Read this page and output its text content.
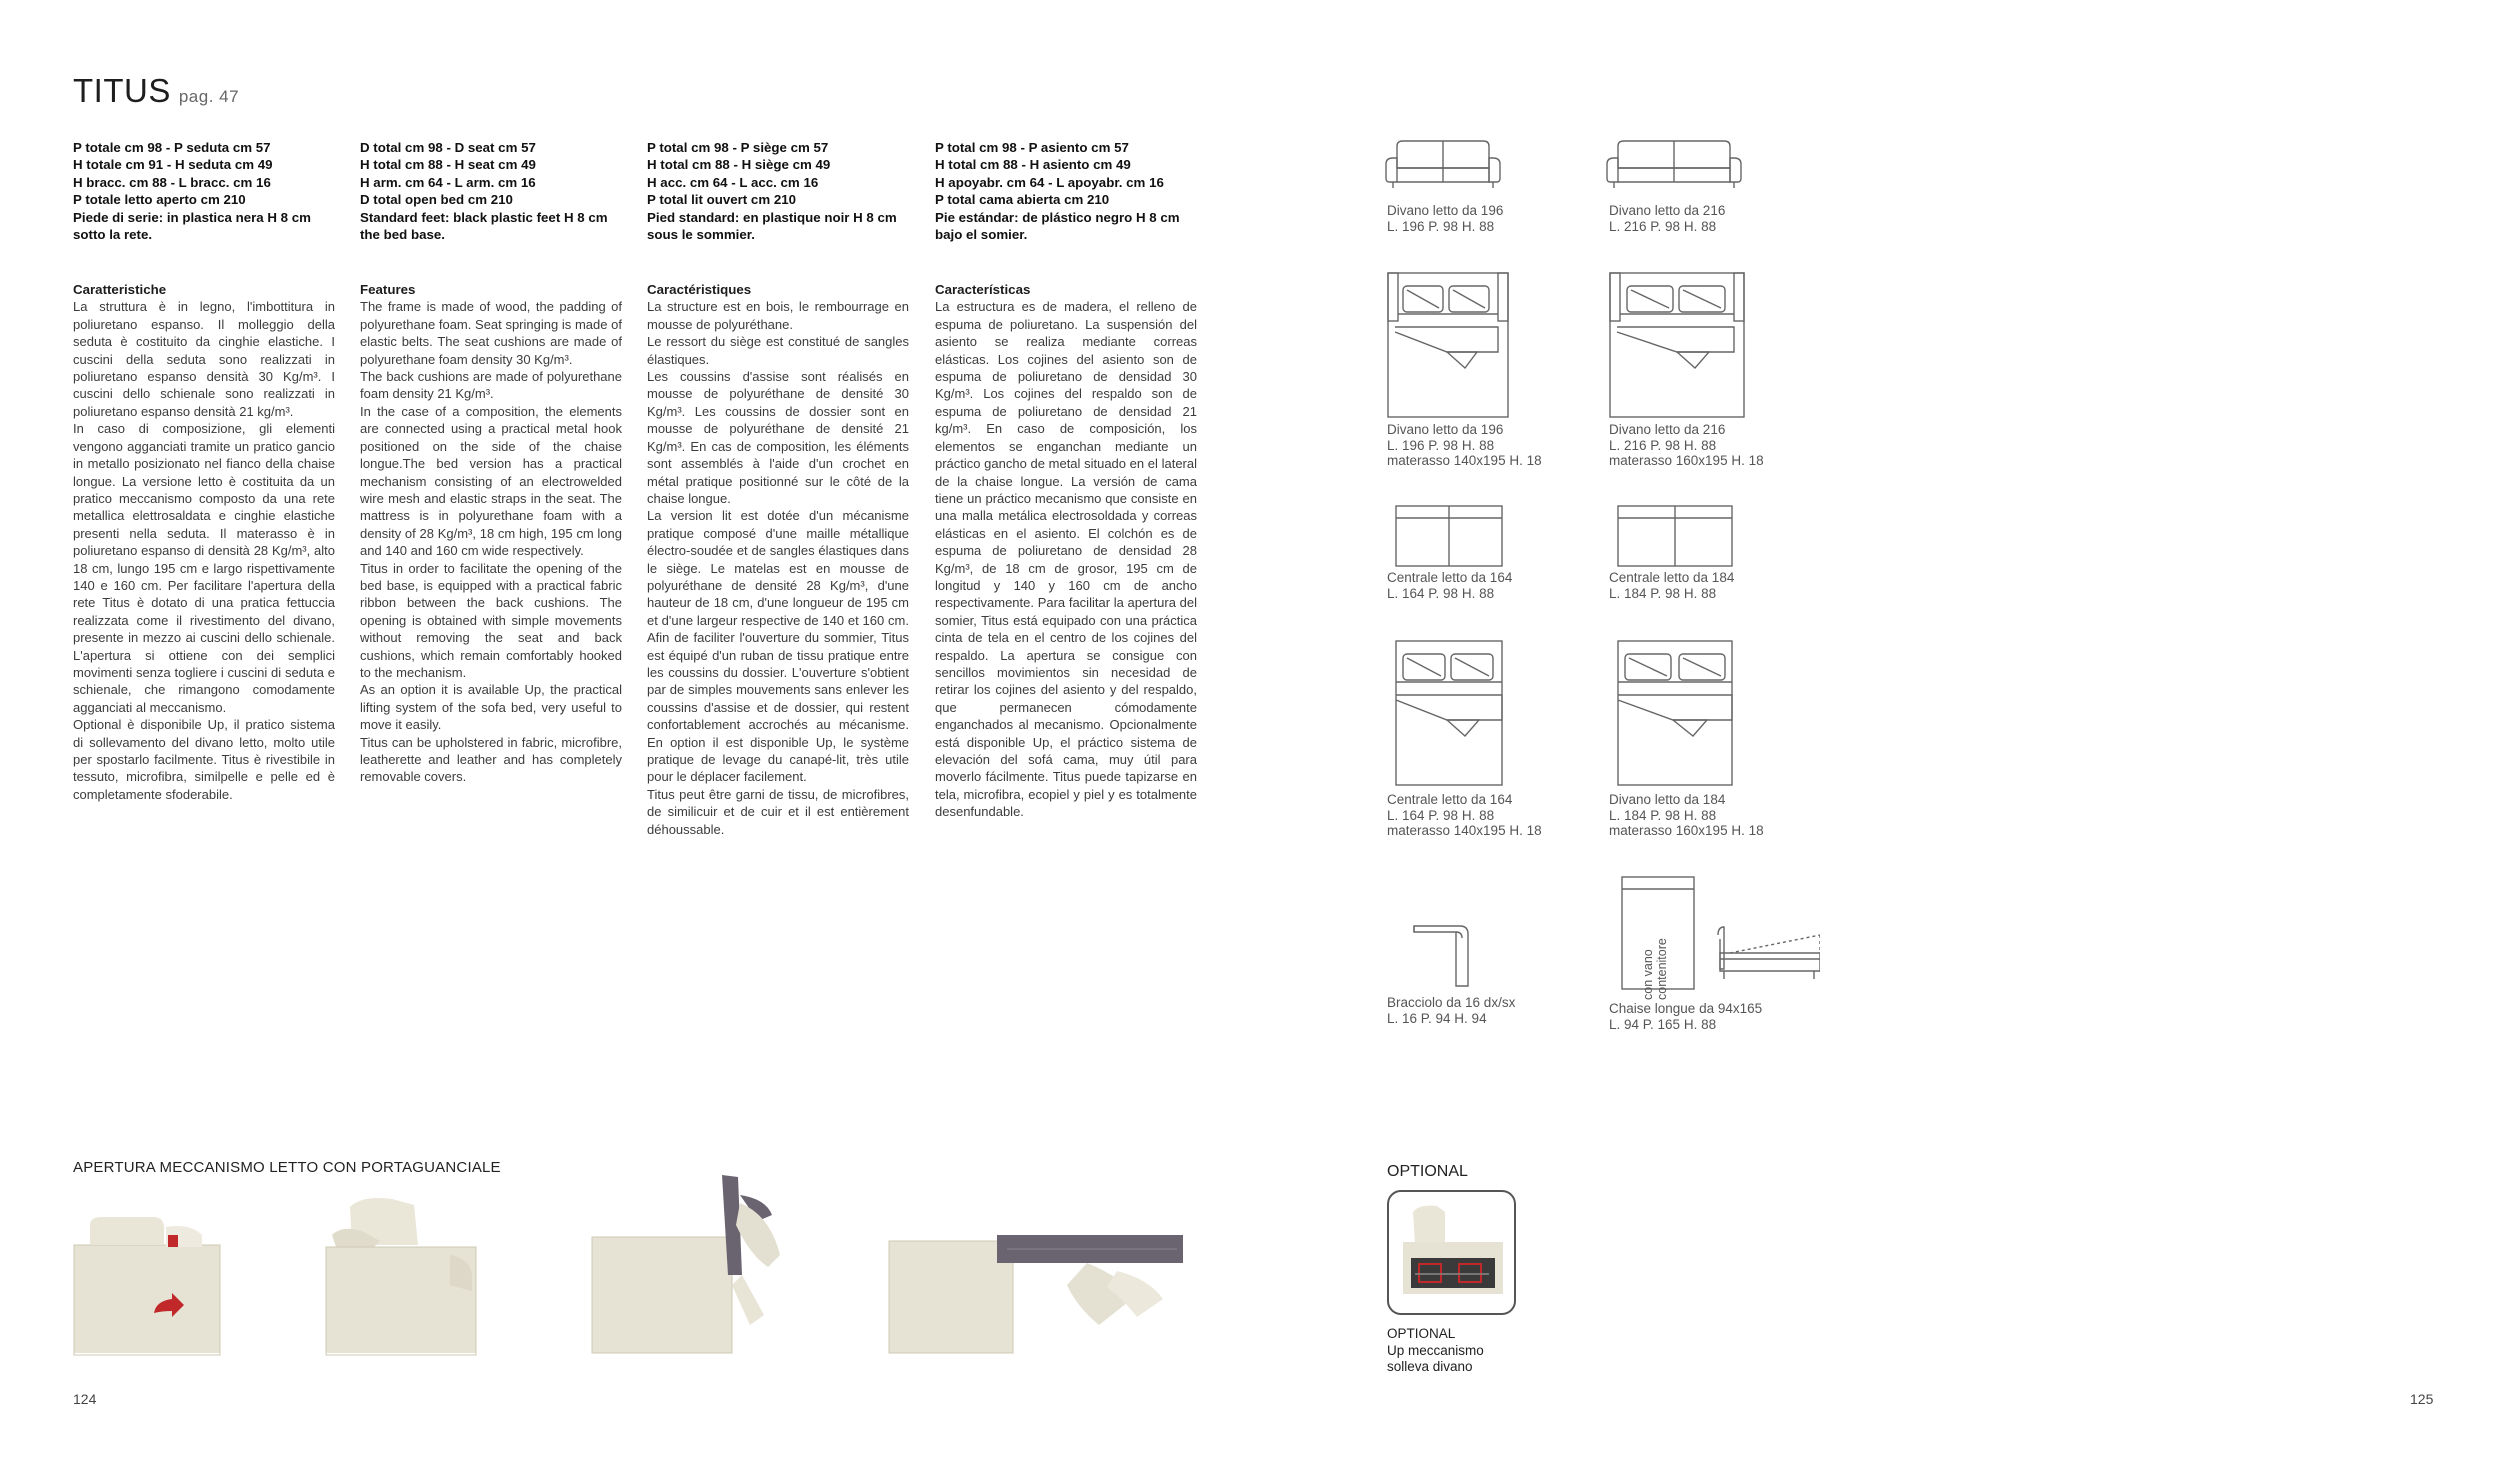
TITUS pag. 47
P totale cm 98 - P seduta cm 57
H totale cm 91 - H seduta cm 49
H bracc. cm 88 - L bracc. cm 16
P totale letto aperto cm 210
Piede di serie: in plastica nera H 8 cm sotto la rete.
Caratteristiche
La struttura è in legno, l'imbottitura in poliuretano espanso. Il molleggio della seduta è costituito da cinghie elastiche. I cuscini della seduta sono realizzati in poliuretano espanso densità 30 Kg/m³. I cuscini dello schienale sono realizzati in poliuretano espanso densità 21 kg/m³.
In caso di composizione, gli elementi vengono agganciati tramite un pratico gancio in metallo posizionato nel fianco della chaise longue. La versione letto è costituita da un pratico meccanismo composto da una rete metallica elettrosaldata e cinghie elastiche presenti nella seduta. Il materasso è in poliuretano espanso di densità 28 Kg/m³, alto 18 cm, lungo 195 cm e largo rispettivamente 140 e 160 cm. Per facilitare l'apertura della rete Titus è dotato di una pratica fettuccia realizzata come il rivestimento del divano, presente in mezzo ai cuscini dello schienale. L'apertura si ottiene con dei semplici movimenti senza togliere i cuscini di seduta e schienale, che rimangono comodamente agganciati al meccanismo.
Optional è disponibile Up, il pratico sistema di sollevamento del divano letto, molto utile per spostarlo facilmente. Titus è rivestibile in tessuto, microfibra, similpelle e pelle ed è completamente sfoderabile.
D total cm 98 - D seat cm 57
H total cm 88 - H seat cm 49
H arm. cm 64 - L arm. cm 16
D total open bed cm 210
Standard feet: black plastic feet H 8 cm the bed base.
Features
The frame is made of wood, the padding of polyurethane foam. Seat springing is made of elastic belts. The seat cushions are made of polyurethane foam density 30 Kg/m³.
The back cushions are made of polyurethane foam density 21 Kg/m³.
In the case of a composition, the elements are connected using a practical metal hook positioned on the side of the chaise longue.The bed version has a practical mechanism consisting of an electrowelded wire mesh and elastic straps in the seat. The mattress is in polyurethane foam with a density of 28 Kg/m³, 18 cm high, 195 cm long and 140 and 160 cm wide respectively.
Titus in order to facilitate the opening of the bed base, is equipped with a practical fabric ribbon between the back cushions. The opening is obtained with simple movements without removing the seat and back cushions, which remain comfortably hooked to the mechanism.
As an option it is available Up, the practical lifting system of the sofa bed, very useful to move it easily.
Titus can be upholstered in fabric, microfibre, leatherette and leather and has completely removable covers.
P total cm 98 - P siège cm 57
H total cm 88 - H siège cm 49
H acc. cm 64 - L acc. cm 16
P total lit ouvert cm 210
Pied standard: en plastique noir H 8 cm sous le sommier.
Caractéristiques
La structure est en bois, le rembourrage en mousse de polyuréthane.
Le ressort du siège est constitué de sangles élastiques.
Les coussins d'assise sont réalisés en mousse de polyuréthane de densité 30 Kg/m³. Les coussins de dossier sont en mousse de polyuréthane de densité 21 Kg/m³. En cas de composition, les éléments sont assemblés à l'aide d'un crochet en métal pratique positionné sur le côté de la chaise longue.
La version lit est dotée d'un mécanisme pratique composé d'une maille métallique électro-soudée et de sangles élastiques dans le siège. Le matelas est en mousse de polyuréthane de densité 28 Kg/m³, d'une hauteur de 18 cm, d'une longueur de 195 cm et d'une largeur respective de 140 et 160 cm. Afin de faciliter l'ouverture du sommier, Titus est équipé d'un ruban de tissu pratique entre les coussins du dossier. L'ouverture s'obtient par de simples mouvements sans enlever les coussins d'assise et de dossier, qui restent confortablement accrochés au mécanisme. En option il est disponible Up, le système pratique de levage du canapé-lit, très utile pour le déplacer facilement.
Titus peut être garni de tissu, de microfibres, de similicuir et de cuir et il est entièrement déhoussable.
P total cm 98 - P asiento cm 57
H total cm 88 - H asiento cm 49
H apoyabr. cm 64 - L apoyabr. cm 16
P total cama abierta cm 210
Pie estándar: de plástico negro H 8 cm bajo el somier.
Características
La estructura es de madera, el relleno de espuma de poliuretano. La suspensión del asiento se realiza mediante correas elásticas. Los cojines del asiento son de espuma de poliuretano de densidad 30 Kg/m³. Los cojines del respaldo son de espuma de poliuretano de densidad 21 kg/m³. En caso de composición, los elementos se enganchan mediante un práctico gancho de metal situado en el lateral de la chaise longue. La versión de cama tiene un práctico mecanismo que consiste en una malla metálica electrosoldada y correas elásticas en el asiento. El colchón es de espuma de poliuretano de densidad 28 Kg/m³, de 18 cm de grosor, 195 cm de longitud y 140 y 160 cm de ancho respectivamente. Para facilitar la apertura del somier, Titus está equipado con una práctica cinta de tela en el centro de los cojines del respaldo. La apertura se consigue con sencillos movimientos sin necesidad de retirar los cojines del asiento y del respaldo, que permanecen cómodamente enganchados al mecanismo. Opcionalmente está disponible Up, el práctico sistema de elevación del sofá cama, muy útil para moverlo fácilmente. Titus puede tapizarse en tela, microfibra, ecopiel y piel y es totalmente desenfundable.
Divano letto da 196
L. 196 P. 98 H. 88
Divano letto da 216
L. 216 P. 98 H. 88
Divano letto da 196
L. 196 P. 98 H. 88
materasso 140x195 H. 18
Divano letto da 216
L. 216 P. 98 H. 88
materasso 160x195 H. 18
Centrale letto da 164
L. 164 P. 98 H. 88
Centrale letto da 184
L. 184 P. 98 H. 88
Centrale letto da 164
L. 164 P. 98 H. 88
materasso 140x195 H. 18
Divano letto da 184
L. 184 P. 98 H. 88
materasso 160x195 H. 18
Bracciolo da 16 dx/sx
L. 16 P. 94 H. 94
con vano
contenitore
Chaise longue da 94x165
L. 94 P. 165 H. 88
APERTURA MECCANISMO LETTO CON PORTAGUANCIALE	OPTIONAL
OPTIONAL
Up meccanismo
solleva divano
124	125
